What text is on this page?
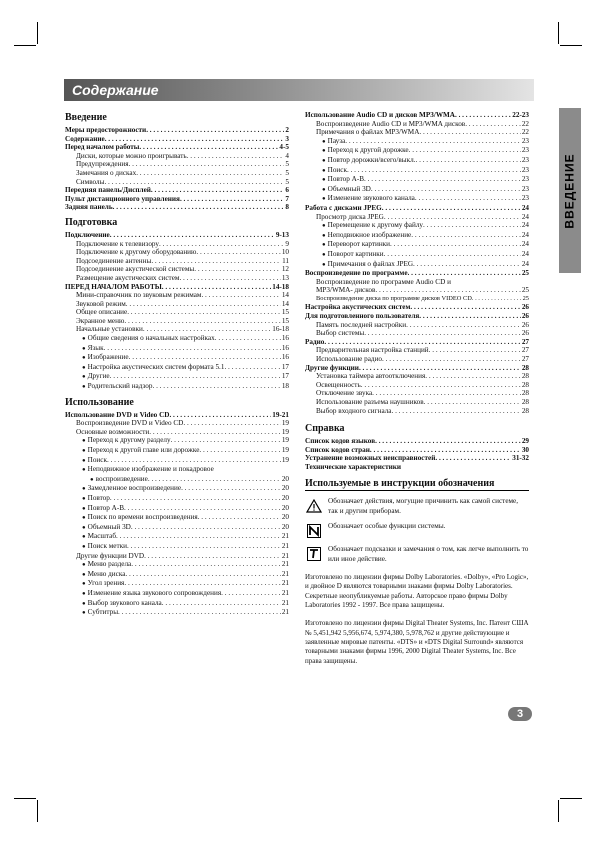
Содержание
ВВЕДЕНИЕ
Введение
Меры предосторожности . . .	2
Содержание . . .	3
Перед началом работы . . .	4-5
Диски, которые можно проигрывать . . .	4
Предупреждения . . .	5
Замечания о дисках . . .	5
Символы . . .	5
Передняя панель/Дисплей . . .	6
Пульт дистанционного управления . . .	7
Задняя панель . . .	8
Подготовка
Подключение . . .	9-13
Подключение к телевизору . . .	9
Подключение к другому оборудованию . . .	10
Подсоединение антенны . . .	11
Подсоединение акустической системы . . .	12
Размещение акустических систем . . .	13
ПЕРЕД НАЧАЛОМ РАБОТЫ . . .	14-18
Мини-справочник по звуковым режимам . . .	14
Звуковой режим . . .	14
Общее описание . . .	15
Экранное меню . . .	15
Начальные установки . . .	16-18
● Общие сведения о начальных настройках . . .	16
● Язык . . .	16
● Изображение . . .	16
● Настройка акустических систем формата 5.1 . . .	17
● Другие . . .	17
● Родительский надзор . . .	18
Использование
Использование DVD и Video CD . . .	19-21
Воспроизведение DVD и Video CD . . .	19
Основные возможности . . .	19
● Переход к другому разделу . . .	19
● Переход к другой главе или дорожке . . .	19
● Поиск . . .	19
● Неподвижное изображение и покадровое
● воспроизведение . . .	20
● Замедленное воспроизведение . . .	20
● Повтор . . .	20
● Повтор A-B . . .	20
● Поиск по времени воспроизведения . . .	20
● Объемный 3D . . .	20
● Масштаб . . .	21
● Поиск метки . . .	21
Другие функции DVD . . .	21
● Меню раздела . . .	21
● Меню диска . . .	21
● Угол зрения . . .	21
● Изменение языка звукового сопровождения . . .	21
● Выбор звукового канала . . .	21
● Субтитры . . .	21
Использование Audio CD и дисков MP3/WMA . . .	22-23
Воспроизведение Audio CD и MP3/WMA дисков . . .	22
Примечания о файлах MP3/WMA . . .	22
● Пауза . . .	23
● Переход к другой дорожке . . .	23
● Повтор дорожки/всего/выкл. . . .	23
● Поиск . . .	23
● Повтор A-B . . .	23
● Объемный 3D . . .	23
● Изменение звукового канала . . .	23
Работа с дисками JPEG . . .	24
Просмотр диска JPEG . . .	24
● Перемещение к другому файлу . . .	24
● Неподвижное изображение . . .	24
● Переворот картинки . . .	24
● Поворот картинки . . .	24
● Примечания о файлах JPEG . . .	24
Воспроизведение по программе . . .	25
Воспроизведение по программе Audio CD и
MP3/WMA- дисков . . .	25
Воспроизведение диска по программе дисков VIDEO CD . . .	25
Настройка акустических систем . . .	26
Для подготовленного пользователя . . .	26
Память последней настройки . . .	26
Выбор системы . . .	26
Радио . . .	27
Предварительная настройка станций . . .	27
Использование радио . . .	27
Другие функции . . .	28
Установка таймера автоотключения . . .	28
Освещенность . . .	28
Отключение звука . . .	28
Использование разъема наушников . . .	28
Выбор входного сигнала . . .	28
Справка
Список кодов языков . . .	29
Список кодов стран . . .	30
Устранение возможных неисправностей . . .	31-32
Технические характеристики
Используемые в инструкции обозначения
Обозначает действия, могущие причинить как самой системе, так и другим приборам.
Обозначает особые функции системы.
Обозначает подсказки и замечания о том, как легче выполнить то или иное действие.
Изготовлено по лицензии фирмы Dolby Laboratories. «Dolby», «Pro Logic», и двойное D являются товарными знаками фирмы Dolby Laboratories. Секретные неопубликуемые работы. Авторское право фирмы Dolby Laboratories 1992 - 1997. Все права защищены.
Изготовлено по лицензии фирмы Digital Theater Systems, Inc. Патент США № 5,451,942 5,956,674, 5,974,380, 5,978,762 и другие действующие и заявленные мировые патенты. «DTS» и «DTS Digital Surround» являются товарными знаками фирмы 1996, 2000 Digital Theater Systems, Inc. Все права защищены.
3
